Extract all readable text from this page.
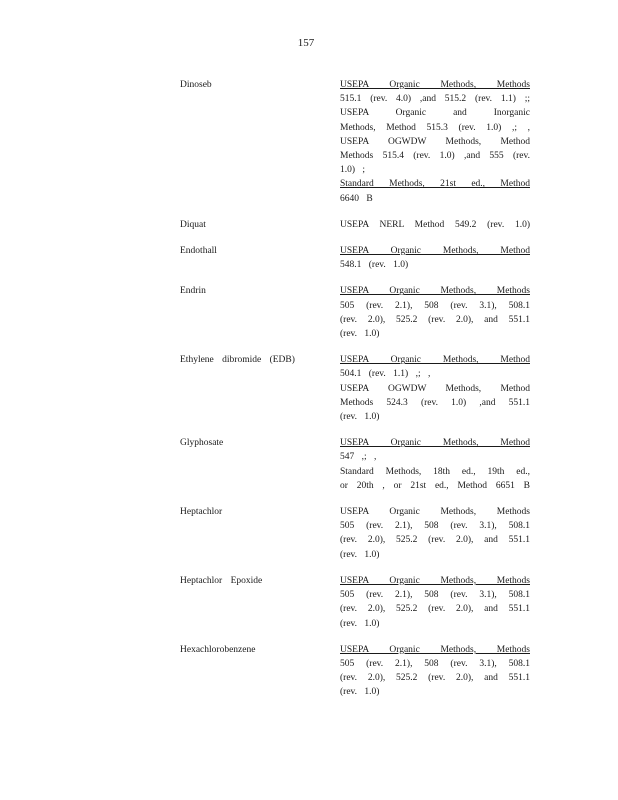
157
Dinoseb	USEPA Organic Methods, Methods
515.1 (rev. 4.0) ,and 515.2 (rev. 1.1) ;;
USEPA Organic and Inorganic
Methods, Method 515.3 (rev. 1.0) ,; ,
USEPA OGWDW Methods, Method
Methods 515.4 (rev. 1.0) ,and 555 (rev.
1.0) ;
Standard Methods, 21st ed., Method
6640 B
Diquat	USEPA NERL Method 549.2 (rev. 1.0)
Endothall	USEPA Organic Methods, Method
548.1 (rev. 1.0)
Endrin	USEPA Organic Methods, Methods
505 (rev. 2.1), 508 (rev. 3.1), 508.1
(rev. 2.0), 525.2 (rev. 2.0), and 551.1
(rev. 1.0)
Ethylene dibromide (EDB)	USEPA Organic Methods, Method
504.1 (rev. 1.1) ,; ,
USEPA OGWDW Methods, Method
Methods 524.3 (rev. 1.0) ,and 551.1
(rev. 1.0)
Glyphosate	USEPA Organic Methods, Method
547 ,; ,
Standard Methods, 18th ed., 19th ed.,
or 20th , or 21st ed., Method 6651 B
Heptachlor	USEPA Organic Methods, Methods
505 (rev. 2.1), 508 (rev. 3.1), 508.1
(rev. 2.0), 525.2 (rev. 2.0), and 551.1
(rev. 1.0)
Heptachlor Epoxide	USEPA Organic Methods, Methods
505 (rev. 2.1), 508 (rev. 3.1), 508.1
(rev. 2.0), 525.2 (rev. 2.0), and 551.1
(rev. 1.0)
Hexachlorobenzene	USEPA Organic Methods, Methods
505 (rev. 2.1), 508 (rev. 3.1), 508.1
(rev. 2.0), 525.2 (rev. 2.0), and 551.1
(rev. 1.0)
